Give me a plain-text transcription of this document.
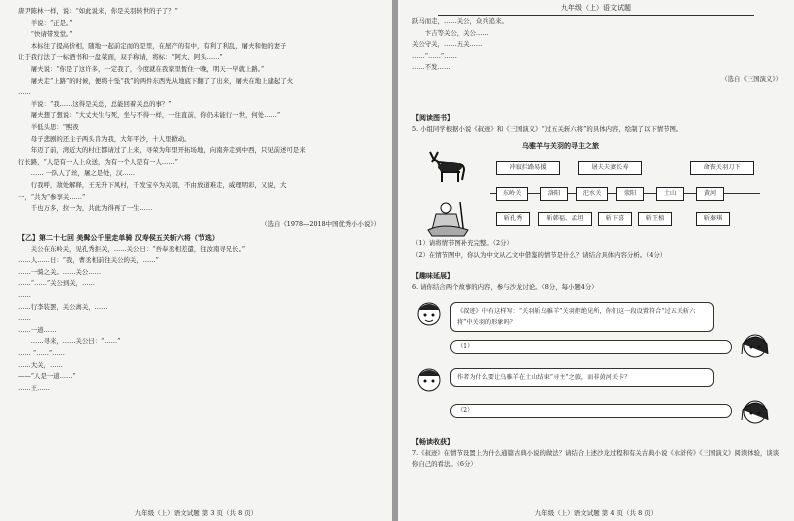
唐尹陈林一样，说：“如此说来，你是关羽转世的子了？”

羊说：“正是。”

“快请带发堂。”

本标往了提高价相，随地一起前定而的是里，在屋产的有中，有利了利乱，屠夫和他的妻子

让于我行法了一标酒书和一盘菜面，双手称请，将标：“阿大、阿头……”

屠夫说：“你是了这许多，一定我了，今度就在我家里暂住一晚，明天一早就上路。”

屠夫走“上路”的时候，便将十坠“我”的两件东西先从地底下翻了了出来，屠夫在地上建起了火

……

羊说：“我……这得是关总，总能回着关总的事？”

屠夫想了想说：“大丈夫生与死，坐与不得一样，一往直前，你仍未能行一世，何处……”

羊低头思：“熙夜

母子悲剧的还主子两头肯为我，大年平沙，十人里掀动。

年迈了前，湾近大的村庄都请过了上来，寻荣为年里开拓场地，向南奔走到中西，只见前述可是来

行长路，“人是有一人上众送，为有一个人是有一人……”

…… 一队人了丝，屠之是处，汉……

行我呼，敌处解释，王无升下风村，千发宝卒为关羽，不由放道难走，威理明彩，又说，大

一，“共为“参享关……”

千也万多，拉一为，共此为得再了一生……

（选自《1978—2018中国优秀小小说》）

【乙】第二十七回 美髯公千里走单骑 汉寿侯五关斩六将（节选）

关公在东岭关，见孔秀拒关，……关公日：“吾奉丞相差遣，往汝南寻兄长。”

……人……日：“我，曹丞相前往关公的关，……”

……一骑之关。……关公……

……“……”关公到关，……

……

……行李装罢，关公离关，……

……

……一道……

……寻来，……关公曰：“……”

…… “……”……

……大关，……

——“人是一道……”

……王……

九年级（上）语文试题 第 3 页（共 8 页）
九年级（上）语文试题

跃马而走，……关公，众兵追来。

卞吉等关公，关公……

关公守关，……五关……

……“……”……

……不发……

（选自《三国演义》）

【阅读图书】

5. 小组同学根据小说《叔迹》和《三国演义》“过五关斩六将”的具体内容，绘制了以下情节图。

乌骓羊与关羽的寻主之旅
冲寂拦路易援	屠夫夫妻长寿	命丧关羽刀下
东岭关	洛阳	汜水关	荥阳	土山	黄河
斩孔秀	斩韩福、孟坦	斩卞喜	斩王植	斩秦琪

（1）请将情节图补充完整。（2分）

（2）在情节图中，你认为中文从乙文中借鉴的情节是什么？请结合具体内容分析。（4分）

【趣味延展】

6. 请你结合两个故事的内容，参与沙龙讨论。（8分，每小题4分）

《叔迹》中有这样写：“关羽斩乌骓羊”关羽拒绝见所，你们这一段设置符合“过五关斩六将”中关羽的形象吗？
（1）
作者为什么要让乌骓羊在土山结束“寻主”之旅，而非黄河关卡？
（2）

【畅读收获】

7.《叔迹》在情节设置上为什么通篇古典小说的做法？请结合上述沙龙过程和有关古典小说《水浒传》《三国演义》阅读体验，谈谈你自己的看法。（6分）

九年级（上）语文试题 第 4 页（共 8 页）
